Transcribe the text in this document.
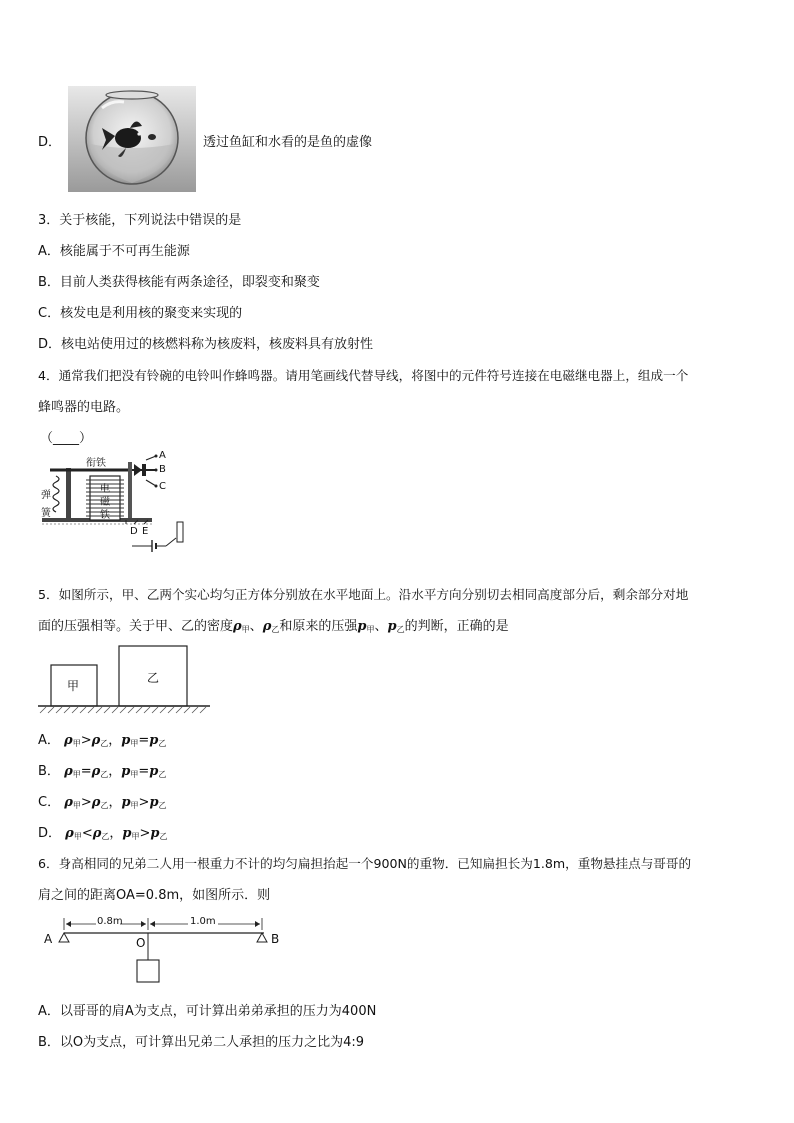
D．	透过鱼缸和水看的是鱼的虚像
3．关于核能，下列说法中错误的是
A．核能属于不可再生能源
B．目前人类获得核能有两条途径，即裂变和聚变
C．核发电是利用核的聚变来实现的
D．核电站使用过的核燃料称为核废料，核废料具有放射性
4．通常我们把没有铃碗的电铃叫作蜂鸣器。请用笔画线代替导线，将图中的元件符号连接在电磁继电器上，组成一个
蜂鸣器的电路。
（____）
衔铁
弹
簧
电
磁
铁
A
B
C
D E
5．如图所示，甲、乙两个实心均匀正方体分别放在水平地面上。沿水平方向分别切去相同高度部分后，剩余部分对地
面的压强相等。关于甲、乙的密度$\rho_甲$、$\rho_乙$和原来的压强$p_甲$、$p_乙$的判断，正确的是
甲
乙
A． $\rho_甲>\rho_乙$，$p_甲=p_乙$
B． $\rho_甲=\rho_乙$，$p_甲=p_乙$
C． $\rho_甲>\rho_乙$，$p_甲>p_乙$
D． $\rho_甲<\rho_乙$，$p_甲>p_乙$
6．身高相同的兄弟二人用一根重力不计的均匀扁担抬起一个900N的重物．已知扁担长为1.8m，重物悬挂点与哥哥的
肩之间的距离OA=0.8m，如图所示．则
0.8m	1.0m
A	O	B
A．以哥哥的肩A为支点，可计算出弟弟承担的压力为400N
B．以O为支点，可计算出兄弟二人承担的压力之比为4:9
